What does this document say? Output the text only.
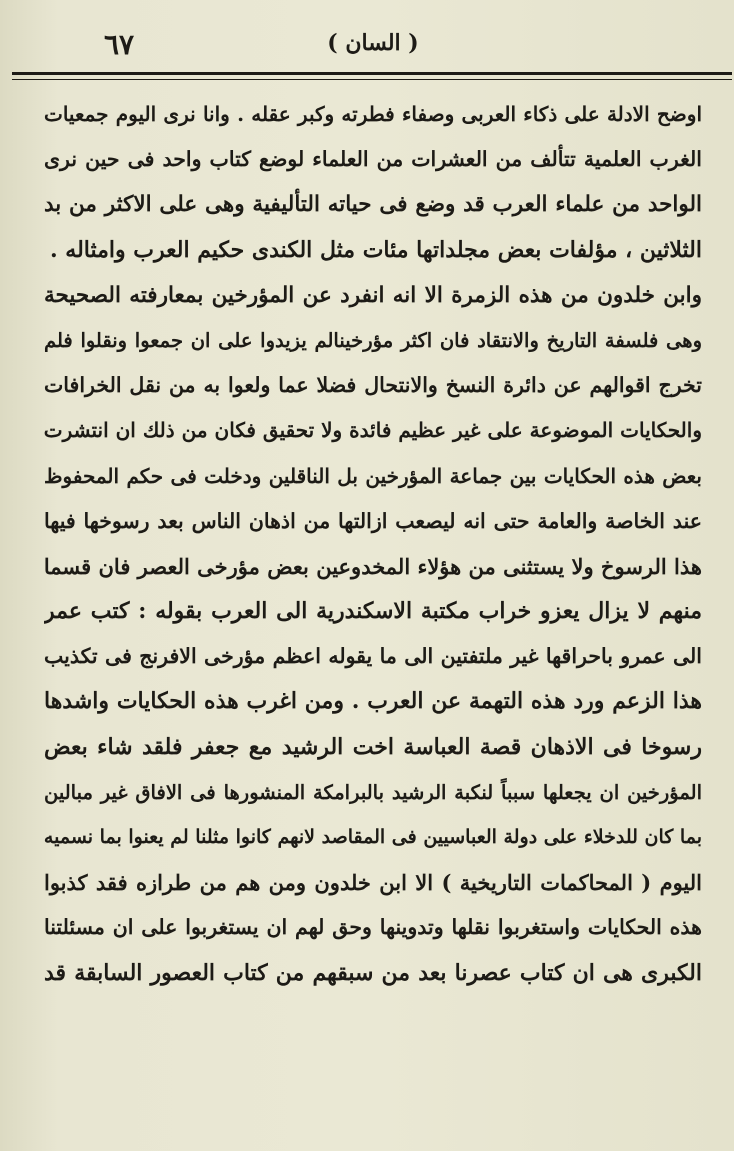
٦٧	( السان )
اوضح الادلة على ذكاء العربى وصفاء فطرته وكبر عقله . وانا نرى اليوم جمعيات
الغرب العلمية تتألف من العشرات من العلماء لوضع كتاب واحد فى حين نرى
الواحد من علماء العرب قد وضع فى حياته التأليفية وهى على الاكثر من بد
الثلاثين ، مؤلفات بعض مجلداتها مئات مثل الكندى حكيم العرب وامثاله .
وابن خلدون من هذه الزمرة الا انه انفرد عن المؤرخين بمعارفته الصحيحة
وهى فلسفة التاريخ والانتقاد فان اكثر مؤرخينالم يزيدوا على ان جمعوا ونقلوا فلم
تخرج اقوالهم عن دائرة النسخ والانتحال فضلا عما ولعوا به من نقل الخرافات
والحكايات الموضوعة على غير عظيم فائدة ولا تحقيق فكان من ذلك ان انتشرت
بعض هذه الحكايات بين جماعة المؤرخين بل الناقلين ودخلت فى حكم المحفوظ
عند الخاصة والعامة حتى انه ليصعب ازالتها من اذهان الناس بعد رسوخها فيها
هذا الرسوخ ولا يستثنى من هؤلاء المخدوعين بعض مؤرخى العصر فان قسما
منهم لا يزال يعزو خراب مكتبة الاسكندرية الى العرب بقوله : كتب عمر
الى عمرو باحراقها غير ملتفتين الى ما يقوله اعظم مؤرخى الافرنج فى تكذيب
هذا الزعم ورد هذه التهمة عن العرب . ومن اغرب هذه الحكايات واشدها
رسوخا فى الاذهان قصة العباسة اخت الرشيد مع جعفر فلقد شاء بعض
المؤرخين ان يجعلها سبباً لنكبة الرشيد بالبرامكة المنشورها فى الافاق غير مبالين
بما كان للدخلاء على دولة العباسيين فى المقاصد لانهم كانوا مثلنا لم يعنوا بما نسميه
اليوم ( المحاكمات التاريخية ) الا ابن خلدون ومن هم من طرازه فقد كذبوا
هذه الحكايات واستغربوا نقلها وتدوينها وحق لهم ان يستغربوا على ان مسئلتنا
الكبرى هى ان كتاب عصرنا بعد من سبقهم من كتاب العصور السابقة قد
